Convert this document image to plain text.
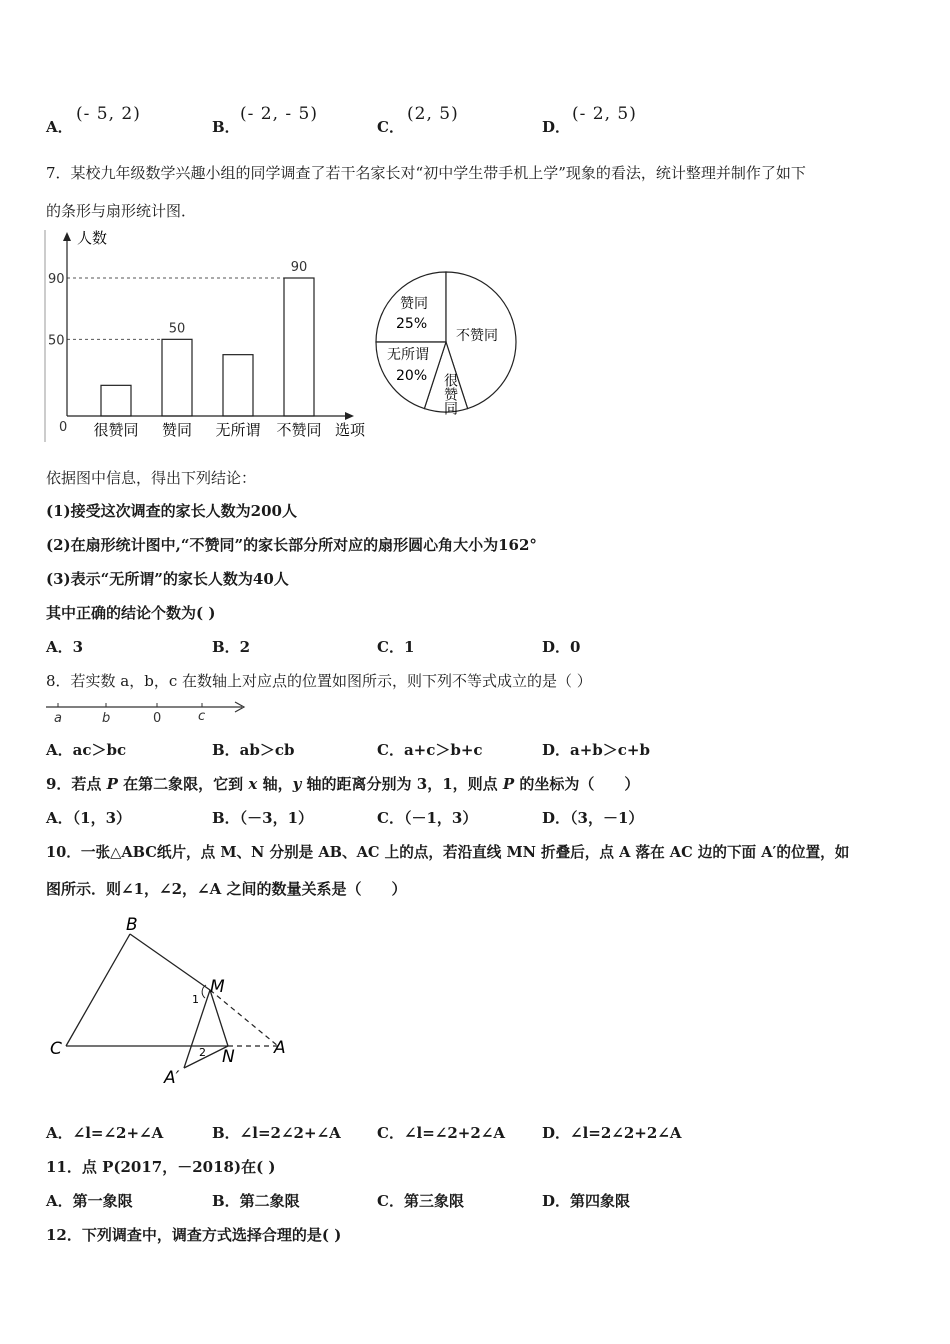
A．
(- 5, 2)
B．
(- 2, - 5)
C．
(2, 5)
D．
(- 2, 5)
7．某校九年级数学兴趣小组的同学调查了若干名家长对“初中学生带手机上学”现象的看法，统计整理并制作了如下
的条形与扇形统计图．
90
50
很赞同 赞同
50
无所谓 不赞同
90
人数
选项
0
赞同
25%
不赞同
无所谓
20% 很赞同
依据图中信息，得出下列结论：
(1)接受这次调查的家长人数为200人
(2)在扇形统计图中,“不赞同”的家长部分所对应的扇形圆心角大小为162°
(3)表示“无所谓”的家长人数为40人
其中正确的结论个数为( )
A．3	B．2	C．1	D．0
8．若实数 a，b，c 在数轴上对应点的位置如图所示，则下列不等式成立的是（ ）
a	b	0	c
A．ac＞bc	B．ab＞cb	C．a+c＞b+c	D．a+b＞c+b
9．若点 P 在第二象限，它到 x 轴，y 轴的距离分别为 3，1，则点 P 的坐标为（　　）
A．（1，3）	B．（－3，1）	C．（－1，3）	D．（3，－1）
10．一张△ABC纸片，点 M、N 分别是 AB、AC 上的点，若沿直线 MN 折叠后，点 A 落在 AC 边的下面 A′的位置，如
图所示．则∠1，∠2，∠A 之间的数量关系是（　　）
B
M
C	A
N
A′
1
2
A．∠l=∠2+∠A	B．∠l=2∠2+∠A C．∠l=∠2+2∠A D．∠l=2∠2+2∠A
11．点 P(2017，－2018)在( )
A．第一象限	B．第二象限	C．第三象限	D．第四象限
12．下列调查中，调查方式选择合理的是( )
